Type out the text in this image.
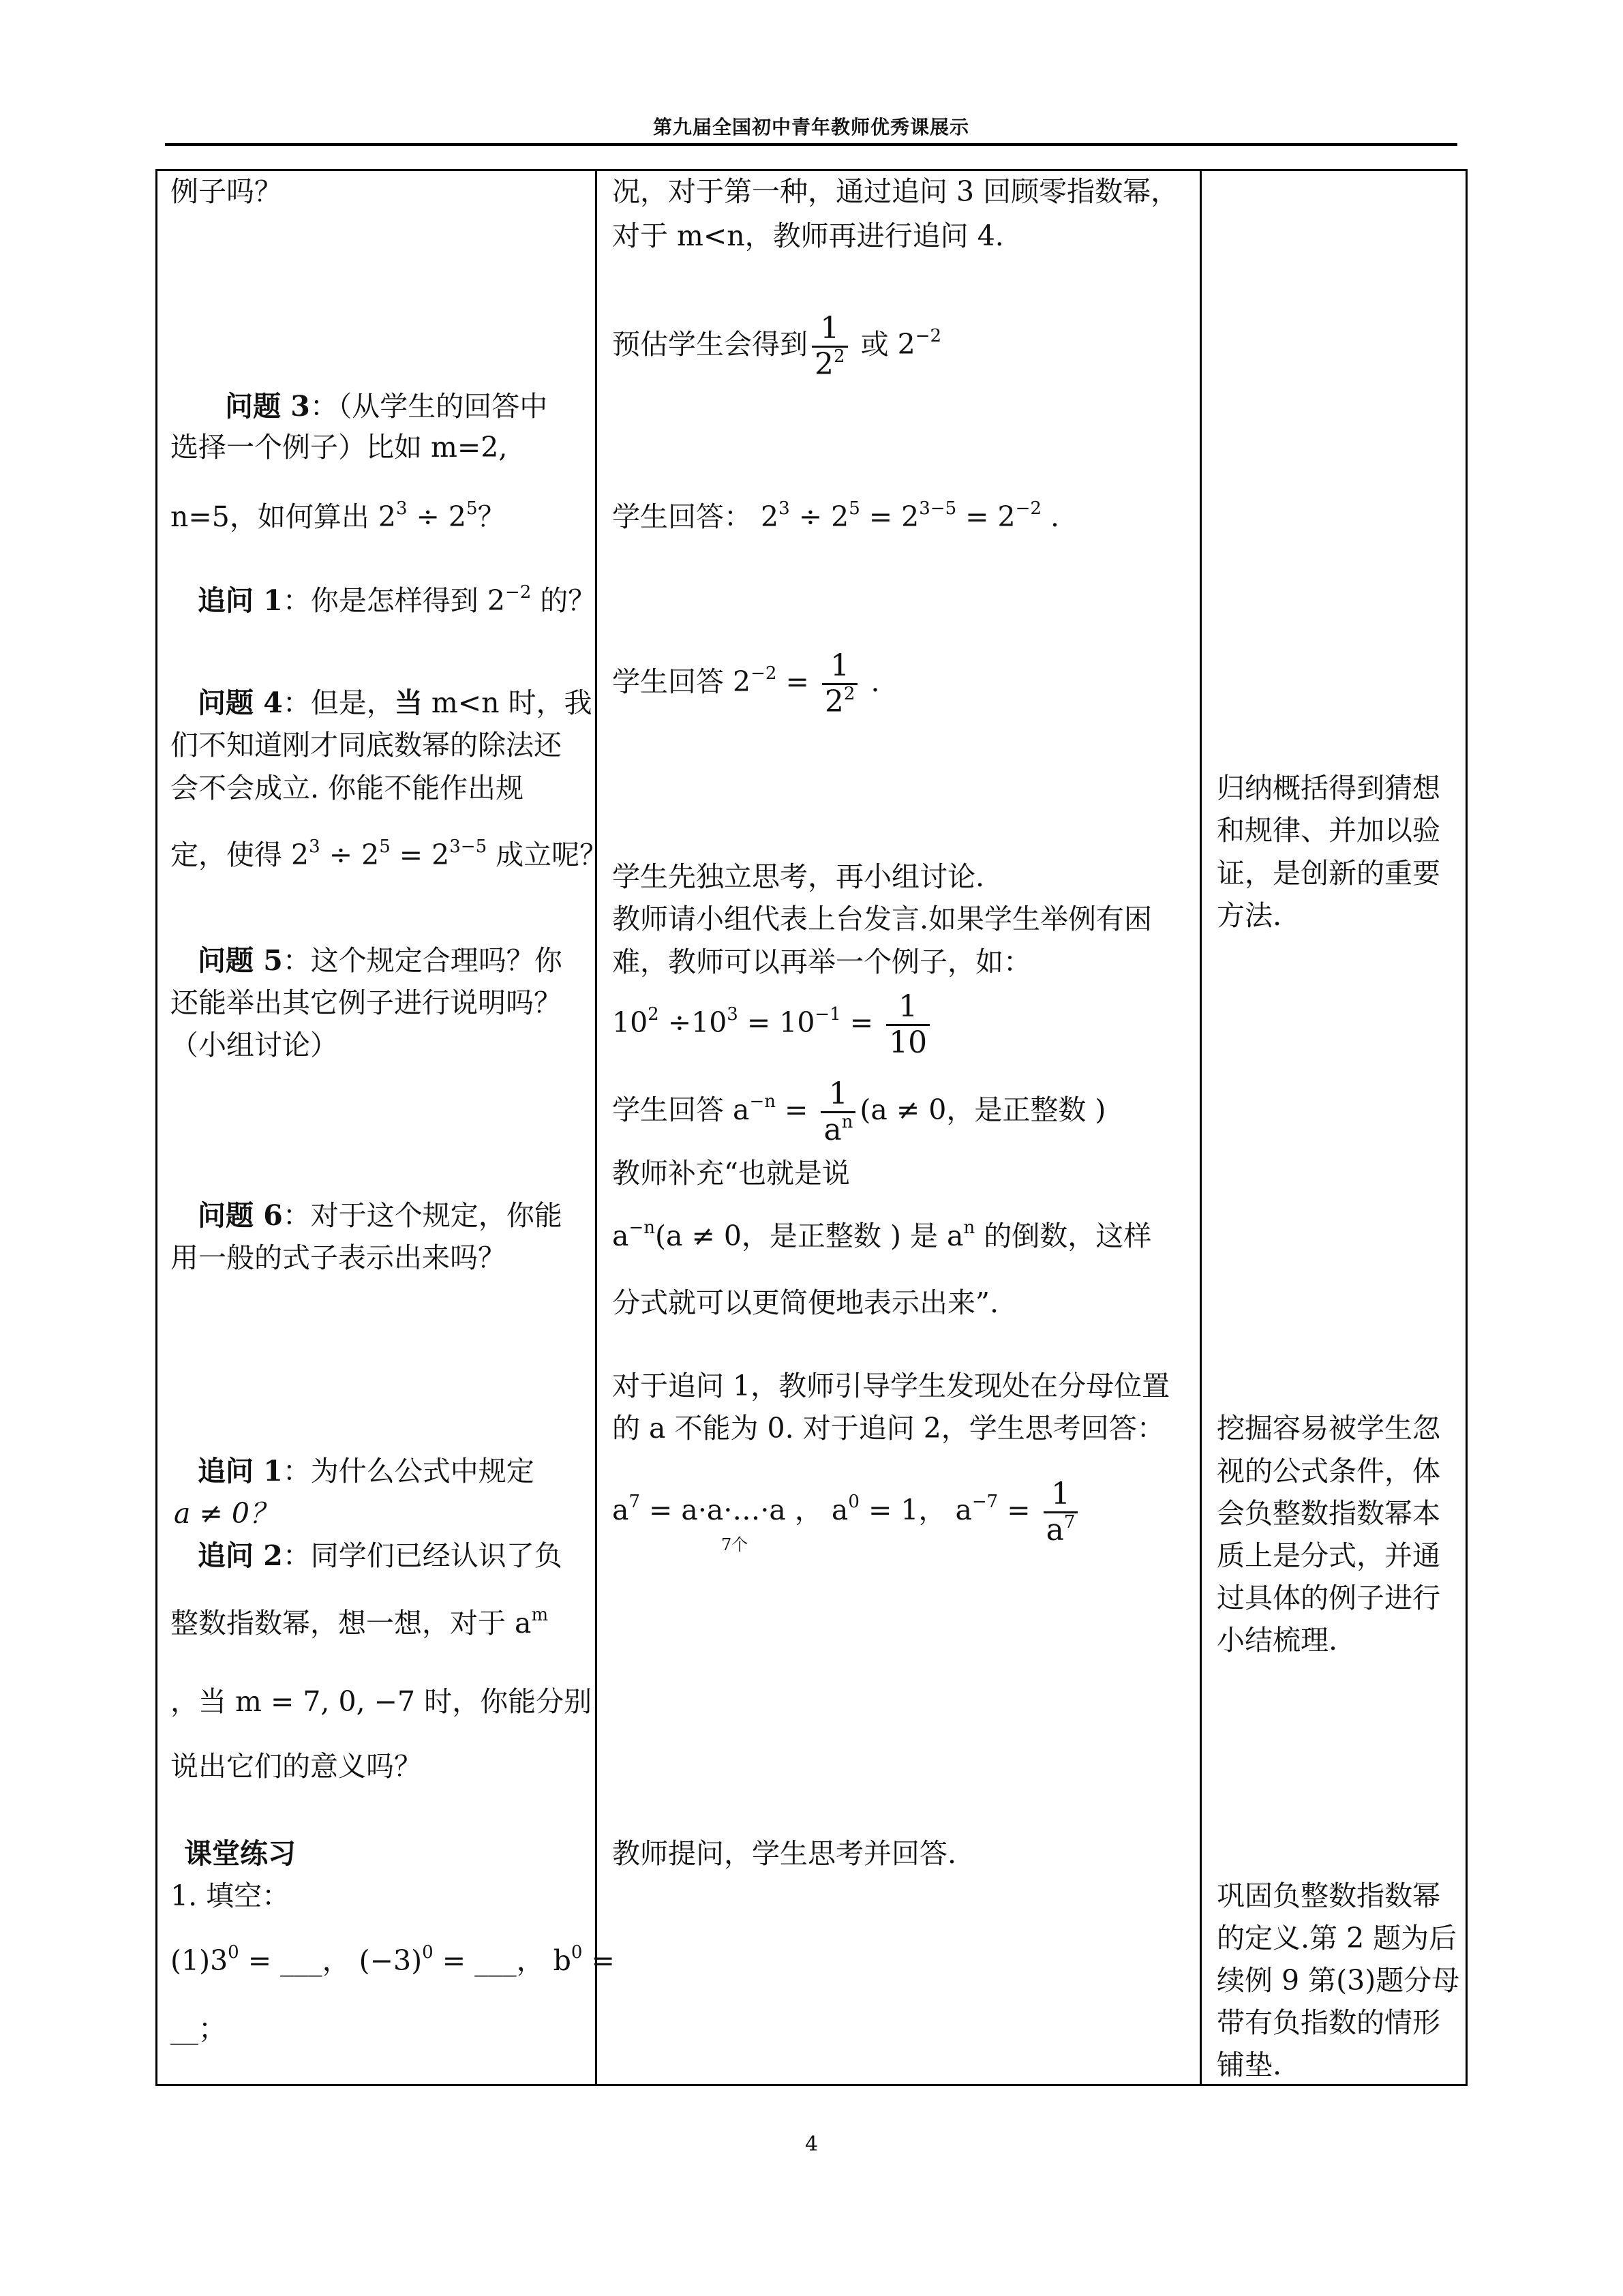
第九届全国初中青年教师优秀课展示
例子吗？
问题 3：（从学生的回答中
选择一个例子）比如 m=2,
n=5，如何算出 $2^3 \div 2^5$？
追问 1：你是怎样得到 $2^{-2}$ 的？
问题 4：但是，当 m<n 时，我
们不知道刚才同底数幂的除法还
会不会成立. 你能不能作出规
定，使得 $2^3 \div 2^5 = 2^{3-5}$ 成立呢？
问题 5：这个规定合理吗？你
还能举出其它例子进行说明吗？
（小组讨论）
问题 6：对于这个规定，你能
用一般的式子表示出来吗？
追问 1：为什么公式中规定
a ≠ 0？
追问 2：同学们已经认识了负
整数指数幂，想一想，对于 $a^m$
，当 m = 7, 0, −7 时，你能分别
说出它们的意义吗？
课堂练习
1. 填空：
$(1)3^0$ = ___， $(-3)^0$ = ___， $b^0$ =
__；
况，对于第一种，通过追问 3 回顾零指数幂，
对于 m<n，教师再进行追问 4.
预估学生会得到 $\frac{1}{2^2}$ 或 $2^{-2}$
学生回答： $2^3 \div 2^5 = 2^{3-5} = 2^{-2}$ .
学生回答 $2^{-2} = \frac{1}{2^2}$ .
学生先独立思考，再小组讨论.
教师请小组代表上台发言.如果学生举例有困
难，教师可以再举一个例子，如：
$10^2 \div 10^3 = 10^{-1} = \frac{1}{10}$
学生回答 $a^{-n} = \frac{1}{a^n} (a \ne 0$，是正整数 )
教师补充“也就是说
$a^{-n}(a \ne 0$，是正整数 ) 是 $a^n$ 的倒数，这样
分式就可以更简便地表示出来”.
对于追问 1，教师引导学生发现处在分母位置
的 a 不能为 0. 对于追问 2，学生思考回答：
$a^7$ = a·a·…·a ， $a^0 = 1$， $a^{-7} = \frac{1}{a^7}$
7个
教师提问，学生思考并回答.
归纳概括得到猜想
和规律、并加以验
证，是创新的重要
方法.
挖掘容易被学生忽
视的公式条件，体
会负整数指数幂本
质上是分式，并通
过具体的例子进行
小结梳理.
巩固负整数指数幂
的定义.第 2 题为后
续例 9 第(3)题分母
带有负指数的情形
铺垫.
4
